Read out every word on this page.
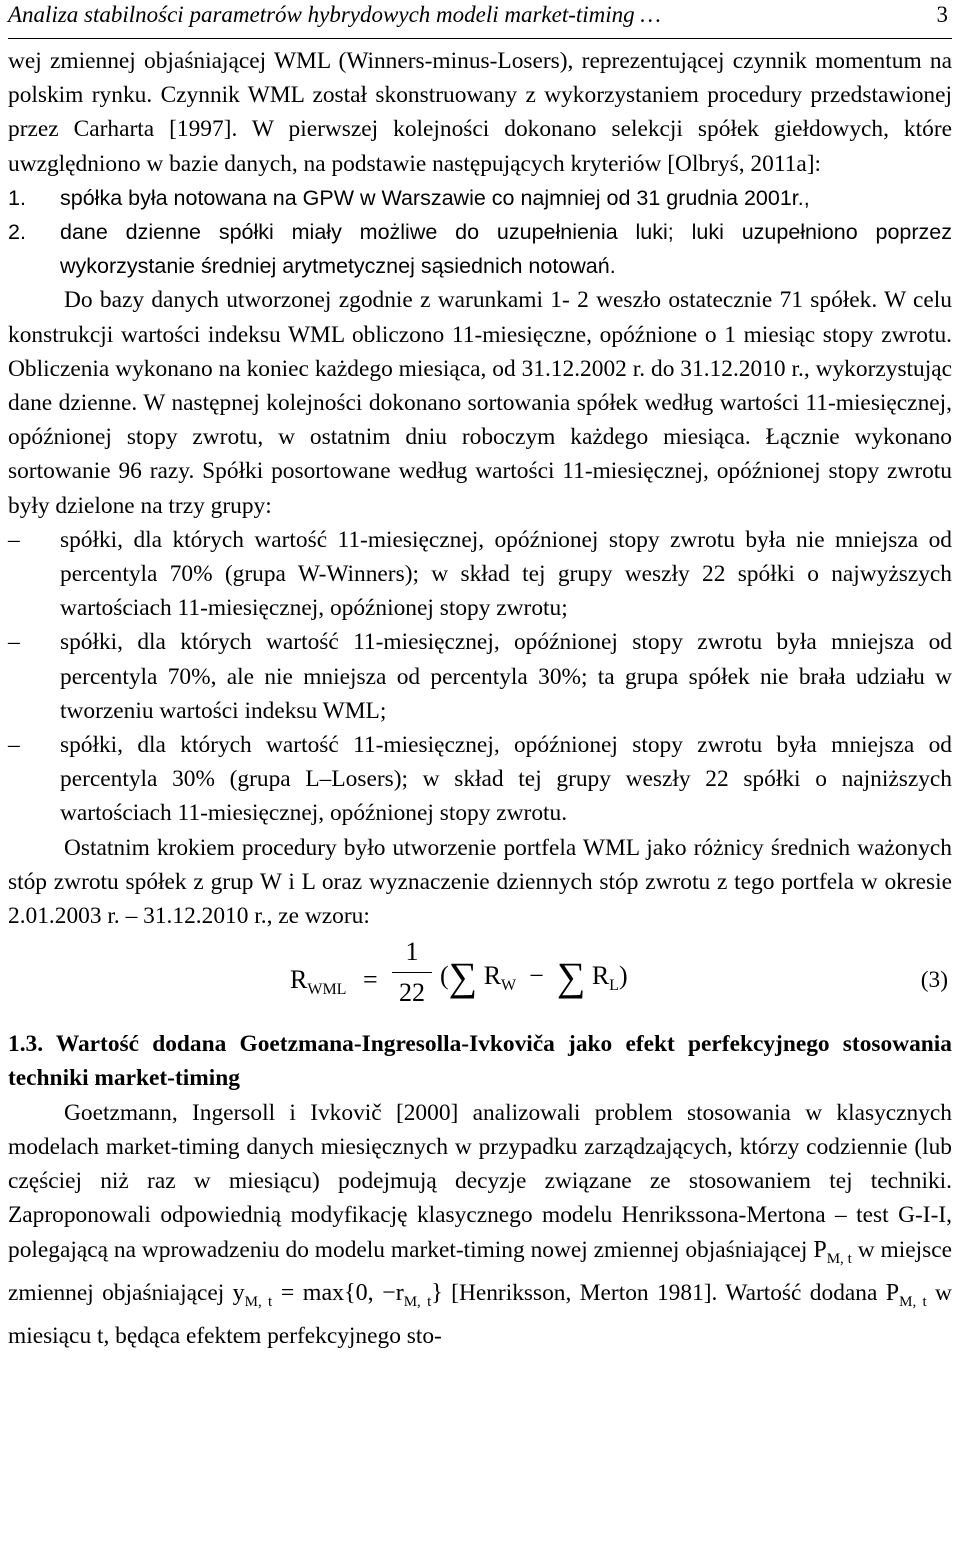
Analiza stabilności parametrów hybrydowych modeli market-timing …	3

wej zmiennej objaśniającej WML (Winners-minus-Losers), reprezentującej czynnik momentum na polskim rynku. Czynnik WML został skonstruowany z wykorzystaniem procedury przedstawionej przez Carharta [1997]. W pierwszej kolejności dokonano selekcji spółek giełdowych, które uwzględniono w bazie danych, na podstawie następujących kryteriów [Olbryś, 2011a]:

1. spółka była notowana na GPW w Warszawie co najmniej od 31 grudnia 2001r.,
2. dane dzienne spółki miały możliwe do uzupełnienia luki; luki uzupełniono poprzez wykorzystanie średniej arytmetycznej sąsiednich notowań.

Do bazy danych utworzonej zgodnie z warunkami 1- 2 weszło ostatecznie 71 spółek. W celu konstrukcji wartości indeksu WML obliczono 11-miesięczne, opóźnione o 1 miesiąc stopy zwrotu. Obliczenia wykonano na koniec każdego miesiąca, od 31.12.2002 r. do 31.12.2010 r., wykorzystując dane dzienne. W następnej kolejności dokonano sortowania spółek według wartości 11-miesięcznej, opóźnionej stopy zwrotu, w ostatnim dniu roboczym każdego miesiąca. Łącznie wykonano sortowanie 96 razy. Spółki posortowane według wartości 11-miesięcznej, opóźnionej stopy zwrotu były dzielone na trzy grupy:

– spółki, dla których wartość 11-miesięcznej, opóźnionej stopy zwrotu była nie mniejsza od percentyla 70% (grupa W-Winners); w skład tej grupy weszły 22 spółki o najwyższych wartościach 11-miesięcznej, opóźnionej stopy zwrotu;
– spółki, dla których wartość 11-miesięcznej, opóźnionej stopy zwrotu była mniejsza od percentyla 70%, ale nie mniejsza od percentyla 30%; ta grupa spółek nie brała udziału w tworzeniu wartości indeksu WML;
– spółki, dla których wartość 11-miesięcznej, opóźnionej stopy zwrotu była mniejsza od percentyla 30% (grupa L–Losers); w skład tej grupy weszły 22 spółki o najniższych wartościach 11-miesięcznej, opóźnionej stopy zwrotu.

Ostatnim krokiem procedury było utworzenie portfela WML jako różnicy średnich ważonych stóp zwrotu spółek z grup W i L oraz wyznaczenie dziennych stóp zwrotu z tego portfela w okresie 2.01.2003 r. – 31.12.2010 r., ze wzoru:

$R_{WML}$ =
1
22
(∑ $R_W$ − ∑ $R_L$)	(3)
1.3. Wartość dodana Goetzmana-Ingresolla-Ivkoviča jako efekt perfekcyjnego stosowania techniki market-timing

Goetzmann, Ingersoll i Ivkovič [2000] analizowali problem stosowania w klasycznych modelach market-timing danych miesięcznych w przypadku zarządzających, którzy codziennie (lub częściej niż raz w miesiącu) podejmują decyzje związane ze stosowaniem tej techniki. Zaproponowali odpowiednią modyfikację klasycznego modelu Henrikssona-Mertona – test G-I-I, polegającą na wprowadzeniu do modelu market-timing nowej zmiennej objaśniającej $P_{M, t}$ w miejsce zmiennej objaśniającej $y_{M, t} = \max\{0$, $-r_{M, t}$} [Henriksson, Merton 1981]. Wartość dodana $P_{M, t}$ w miesiącu t, będąca efektem perfekcyjnego sto-
